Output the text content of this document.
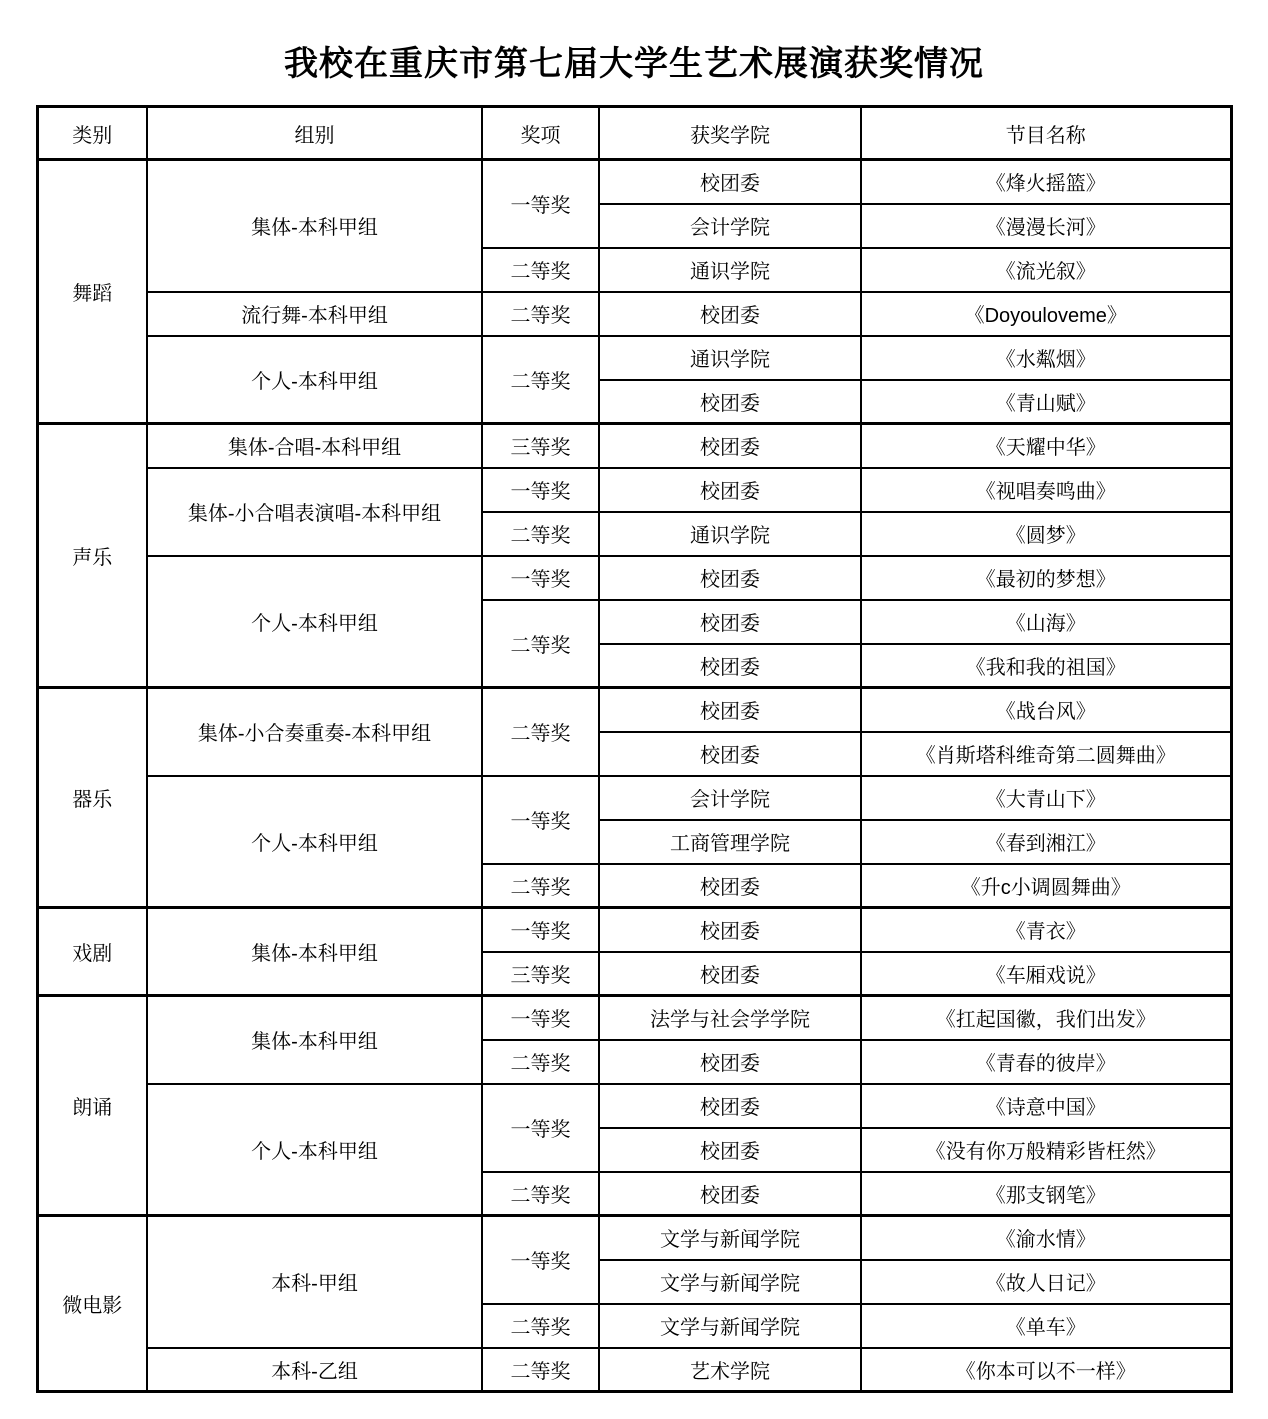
我校在重庆市第七届大学生艺术展演获奖情况
类别	组别	奖项	获奖学院	节目名称
舞蹈	集体-本科甲组	一等奖	校团委	《烽火摇篮》
			会计学院	《漫漫长河》
		二等奖	通识学院	《流光叙》
	流行舞-本科甲组	二等奖	校团委	《Doyouloveme》
	个人-本科甲组	二等奖	通识学院	《水粼烟》
			校团委	《青山赋》
声乐	集体-合唱-本科甲组	三等奖	校团委	《天耀中华》
	集体-小合唱表演唱-本科甲组	一等奖	校团委	《视唱奏鸣曲》
		二等奖	通识学院	《圆梦》
	个人-本科甲组	一等奖	校团委	《最初的梦想》
		二等奖	校团委	《山海》
			校团委	《我和我的祖国》
器乐	集体-小合奏重奏-本科甲组	二等奖	校团委	《战台风》
			校团委	《肖斯塔科维奇第二圆舞曲》
	个人-本科甲组	一等奖	会计学院	《大青山下》
			工商管理学院	《春到湘江》
		二等奖	校团委	《升c小调圆舞曲》
戏剧	集体-本科甲组	一等奖	校团委	《青衣》
		三等奖	校团委	《车厢戏说》
朗诵	集体-本科甲组	一等奖	法学与社会学学院	《扛起国徽，我们出发》
		二等奖	校团委	《青春的彼岸》
	个人-本科甲组	一等奖	校团委	《诗意中国》
			校团委	《没有你万般精彩皆枉然》
		二等奖	校团委	《那支钢笔》
微电影	本科-甲组	一等奖	文学与新闻学院	《渝水情》
			文学与新闻学院	《故人日记》
		二等奖	文学与新闻学院	《单车》
	本科-乙组	二等奖	艺术学院	《你本可以不一样》
